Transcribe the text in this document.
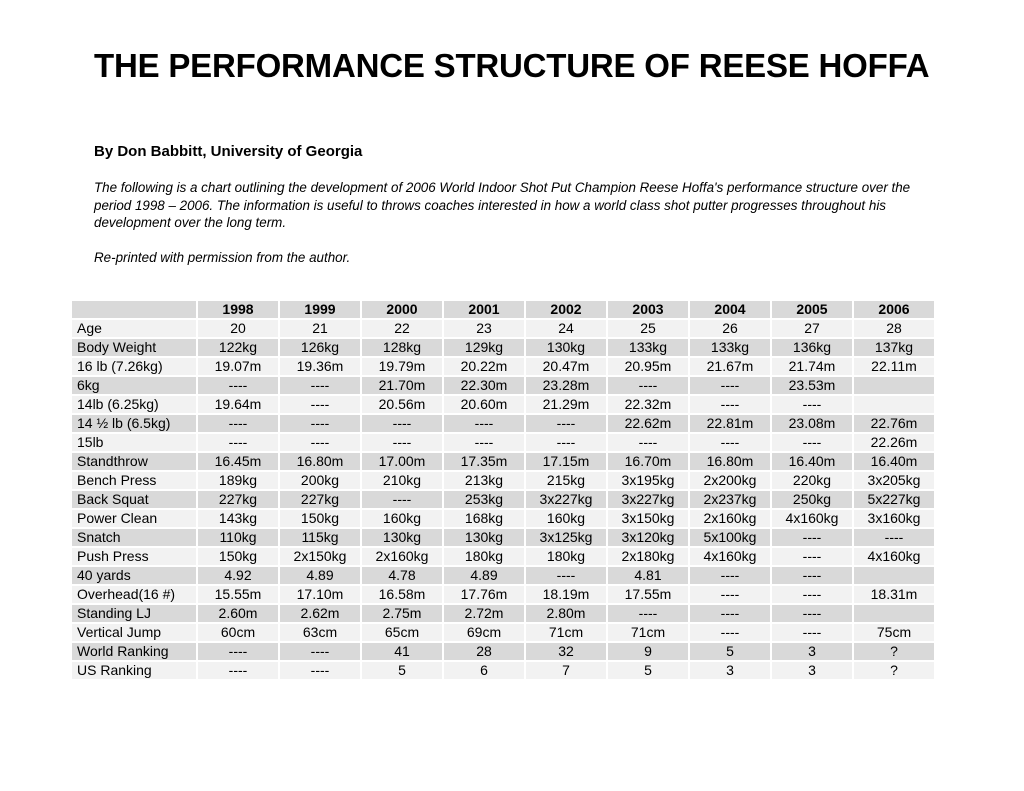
THE PERFORMANCE STRUCTURE OF REESE HOFFA

By Don Babbitt, University of Georgia

The following is a chart outlining the development of 2006 World Indoor Shot Put Champion Reese Hoffa's performance structure over the period 1998 – 2006. The information is useful to throws coaches interested in how a world class shot putter progresses throughout his development over the long term.

Re-printed with permission from the author.

	1998	1999	2000	2001	2002	2003	2004	2005	2006
Age	20	21	22	23	24	25	26	27	28
Body Weight	122kg	126kg	128kg	129kg	130kg	133kg	133kg	136kg	137kg
16 lb (7.26kg)	19.07m	19.36m	19.79m	20.22m	20.47m	20.95m	21.67m	21.74m	22.11m
6kg	----	----	21.70m	22.30m	23.28m	----	----	23.53m	
14lb (6.25kg)	19.64m	----	20.56m	20.60m	21.29m	22.32m	----	----	
14 ½ lb (6.5kg)	----	----	----	----	----	22.62m	22.81m	23.08m	22.76m
15lb	----	----	----	----	----	----	----	----	22.26m
Standthrow	16.45m	16.80m	17.00m	17.35m	17.15m	16.70m	16.80m	16.40m	16.40m
Bench Press	189kg	200kg	210kg	213kg	215kg	3x195kg	2x200kg	220kg	3x205kg
Back Squat	227kg	227kg	----	253kg	3x227kg	3x227kg	2x237kg	250kg	5x227kg
Power Clean	143kg	150kg	160kg	168kg	160kg	3x150kg	2x160kg	4x160kg	3x160kg
Snatch	110kg	115kg	130kg	130kg	3x125kg	3x120kg	5x100kg	----	----
Push Press	150kg	2x150kg	2x160kg	180kg	180kg	2x180kg	4x160kg	----	4x160kg
40 yards	4.92	4.89	4.78	4.89	----	4.81	----	----	
Overhead(16 #)	15.55m	17.10m	16.58m	17.76m	18.19m	17.55m	----	----	18.31m
Standing LJ	2.60m	2.62m	2.75m	2.72m	2.80m	----	----	----	
Vertical Jump	60cm	63cm	65cm	69cm	71cm	71cm	----	----	75cm
World Ranking	----	----	41	28	32	9	5	3	?
US Ranking	----	----	5	6	7	5	3	3	?
